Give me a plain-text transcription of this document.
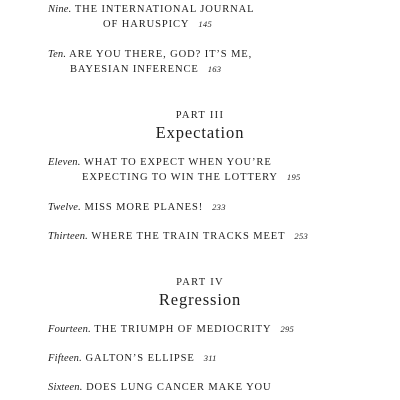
Nine. THE INTERNATIONAL JOURNAL
OF HARUSPICY 145
Ten. ARE YOU THERE, GOD? IT’S ME,
BAYESIAN INFERENCE 163
PART III
Expectation
Eleven. WHAT TO EXPECT WHEN YOU’RE
EXPECTING TO WIN THE LOTTERY 195
Twelve. MISS MORE PLANES! 233
Thirteen. WHERE THE TRAIN TRACKS MEET 253
PART IV
Regression
Fourteen. THE TRIUMPH OF MEDIOCRITY 295
Fifteen. GALTON’S ELLIPSE 311
Sixteen. DOES LUNG CANCER MAKE YOU
